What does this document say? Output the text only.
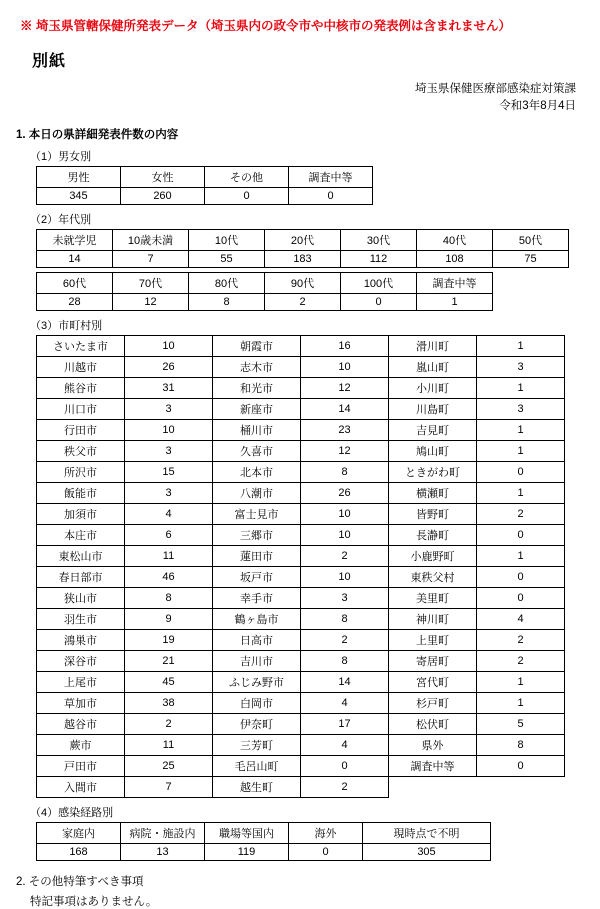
※ 埼玉県管轄保健所発表データ（埼玉県内の政令市や中核市の発表例は含まれません）
別紙
埼玉県保健医療部感染症対策課
令和3年8月4日
1. 本日の県詳細発表件数の内容
（1）男女別
男性	女性	その他	調査中等
345	260	0	0
（2）年代別
未就学児	10歳未満	10代	20代	30代	40代	50代
14	7	55	183	112	108	75
60代	70代	80代	90代	100代	調査中等
28	12	8	2	0	1
（3）市町村別
さいたま市	10	朝霞市	16	滑川町	1
川越市	26	志木市	10	嵐山町	3
熊谷市	31	和光市	12	小川町	1
川口市	3	新座市	14	川島町	3
行田市	10	桶川市	23	吉見町	1
秩父市	3	久喜市	12	鳩山町	1
所沢市	15	北本市	8	ときがわ町	0
飯能市	3	八潮市	26	横瀬町	1
加須市	4	富士見市	10	皆野町	2
本庄市	6	三郷市	10	長瀞町	0
東松山市	11	蓮田市	2	小鹿野町	1
春日部市	46	坂戸市	10	東秩父村	0
狭山市	8	幸手市	3	美里町	0
羽生市	9	鶴ヶ島市	8	神川町	4
鴻巣市	19	日高市	2	上里町	2
深谷市	21	吉川市	8	寄居町	2
上尾市	45	ふじみ野市	14	宮代町	1
草加市	38	白岡市	4	杉戸町	1
越谷市	2	伊奈町	17	松伏町	5
蕨市	11	三芳町	4	県外	8
戸田市	25	毛呂山町	0	調査中等	0
入間市	7	越生町	2		
（4）感染経路別
家庭内	病院・施設内	職場等国内	海外	現時点で不明
168	13	119	0	305
2. その他特筆すべき事項
特記事項はありません。
